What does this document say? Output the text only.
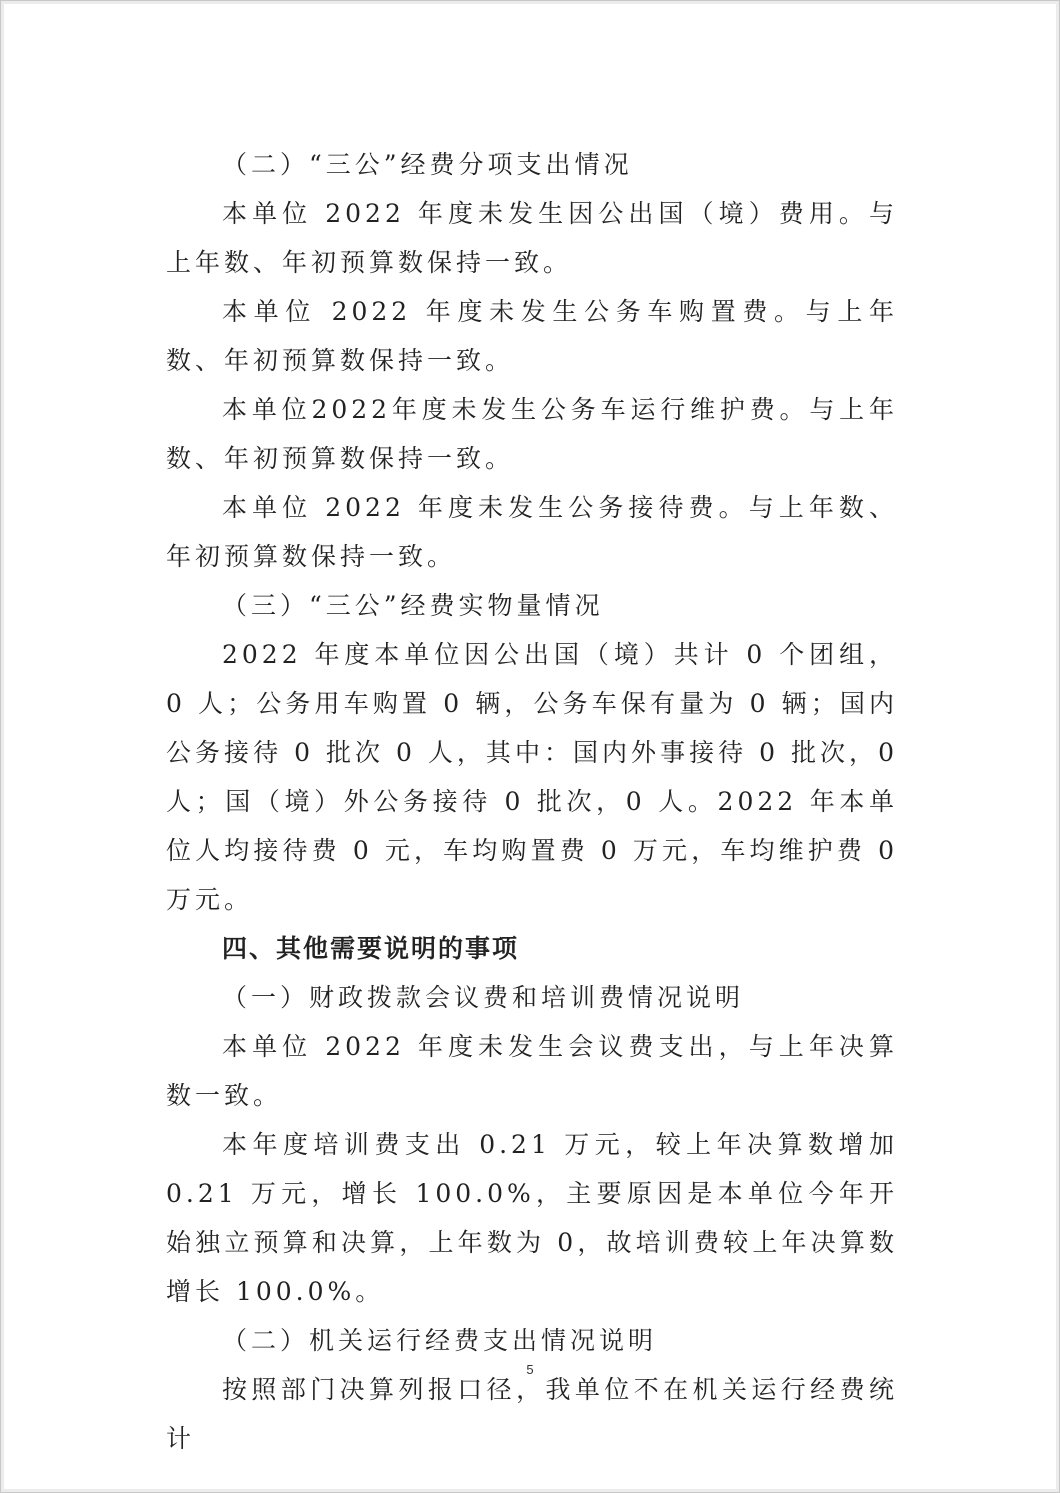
（二）“三公”经费分项支出情况

本单位 2022 年度未发生因公出国（境）费用。与上年数、年初预算数保持一致。

本单位 2022 年度未发生公务车购置费。与上年数、年初预算数保持一致。

本单位2022年度未发生公务车运行维护费。与上年数、年初预算数保持一致。

本单位 2022 年度未发生公务接待费。与上年数、年初预算数保持一致。

（三）“三公”经费实物量情况

2022 年度本单位因公出国（境）共计 0 个团组，0 人；公务用车购置 0 辆，公务车保有量为 0 辆；国内公务接待 0 批次 0 人，其中：国内外事接待 0 批次，0 人；国（境）外公务接待 0 批次，0 人。2022 年本单位人均接待费 0 元，车均购置费 0 万元，车均维护费 0 万元。

四、其他需要说明的事项

（一）财政拨款会议费和培训费情况说明

本单位 2022 年度未发生会议费支出，与上年决算数一致。

本年度培训费支出 0.21 万元，较上年决算数增加 0.21 万元，增长 100.0%，主要原因是本单位今年开始独立预算和决算，上年数为 0，故培训费较上年决算数增长 100.0%。

（二）机关运行经费支出情况说明

按照部门决算列报口径，我单位不在机关运行经费统计

5
